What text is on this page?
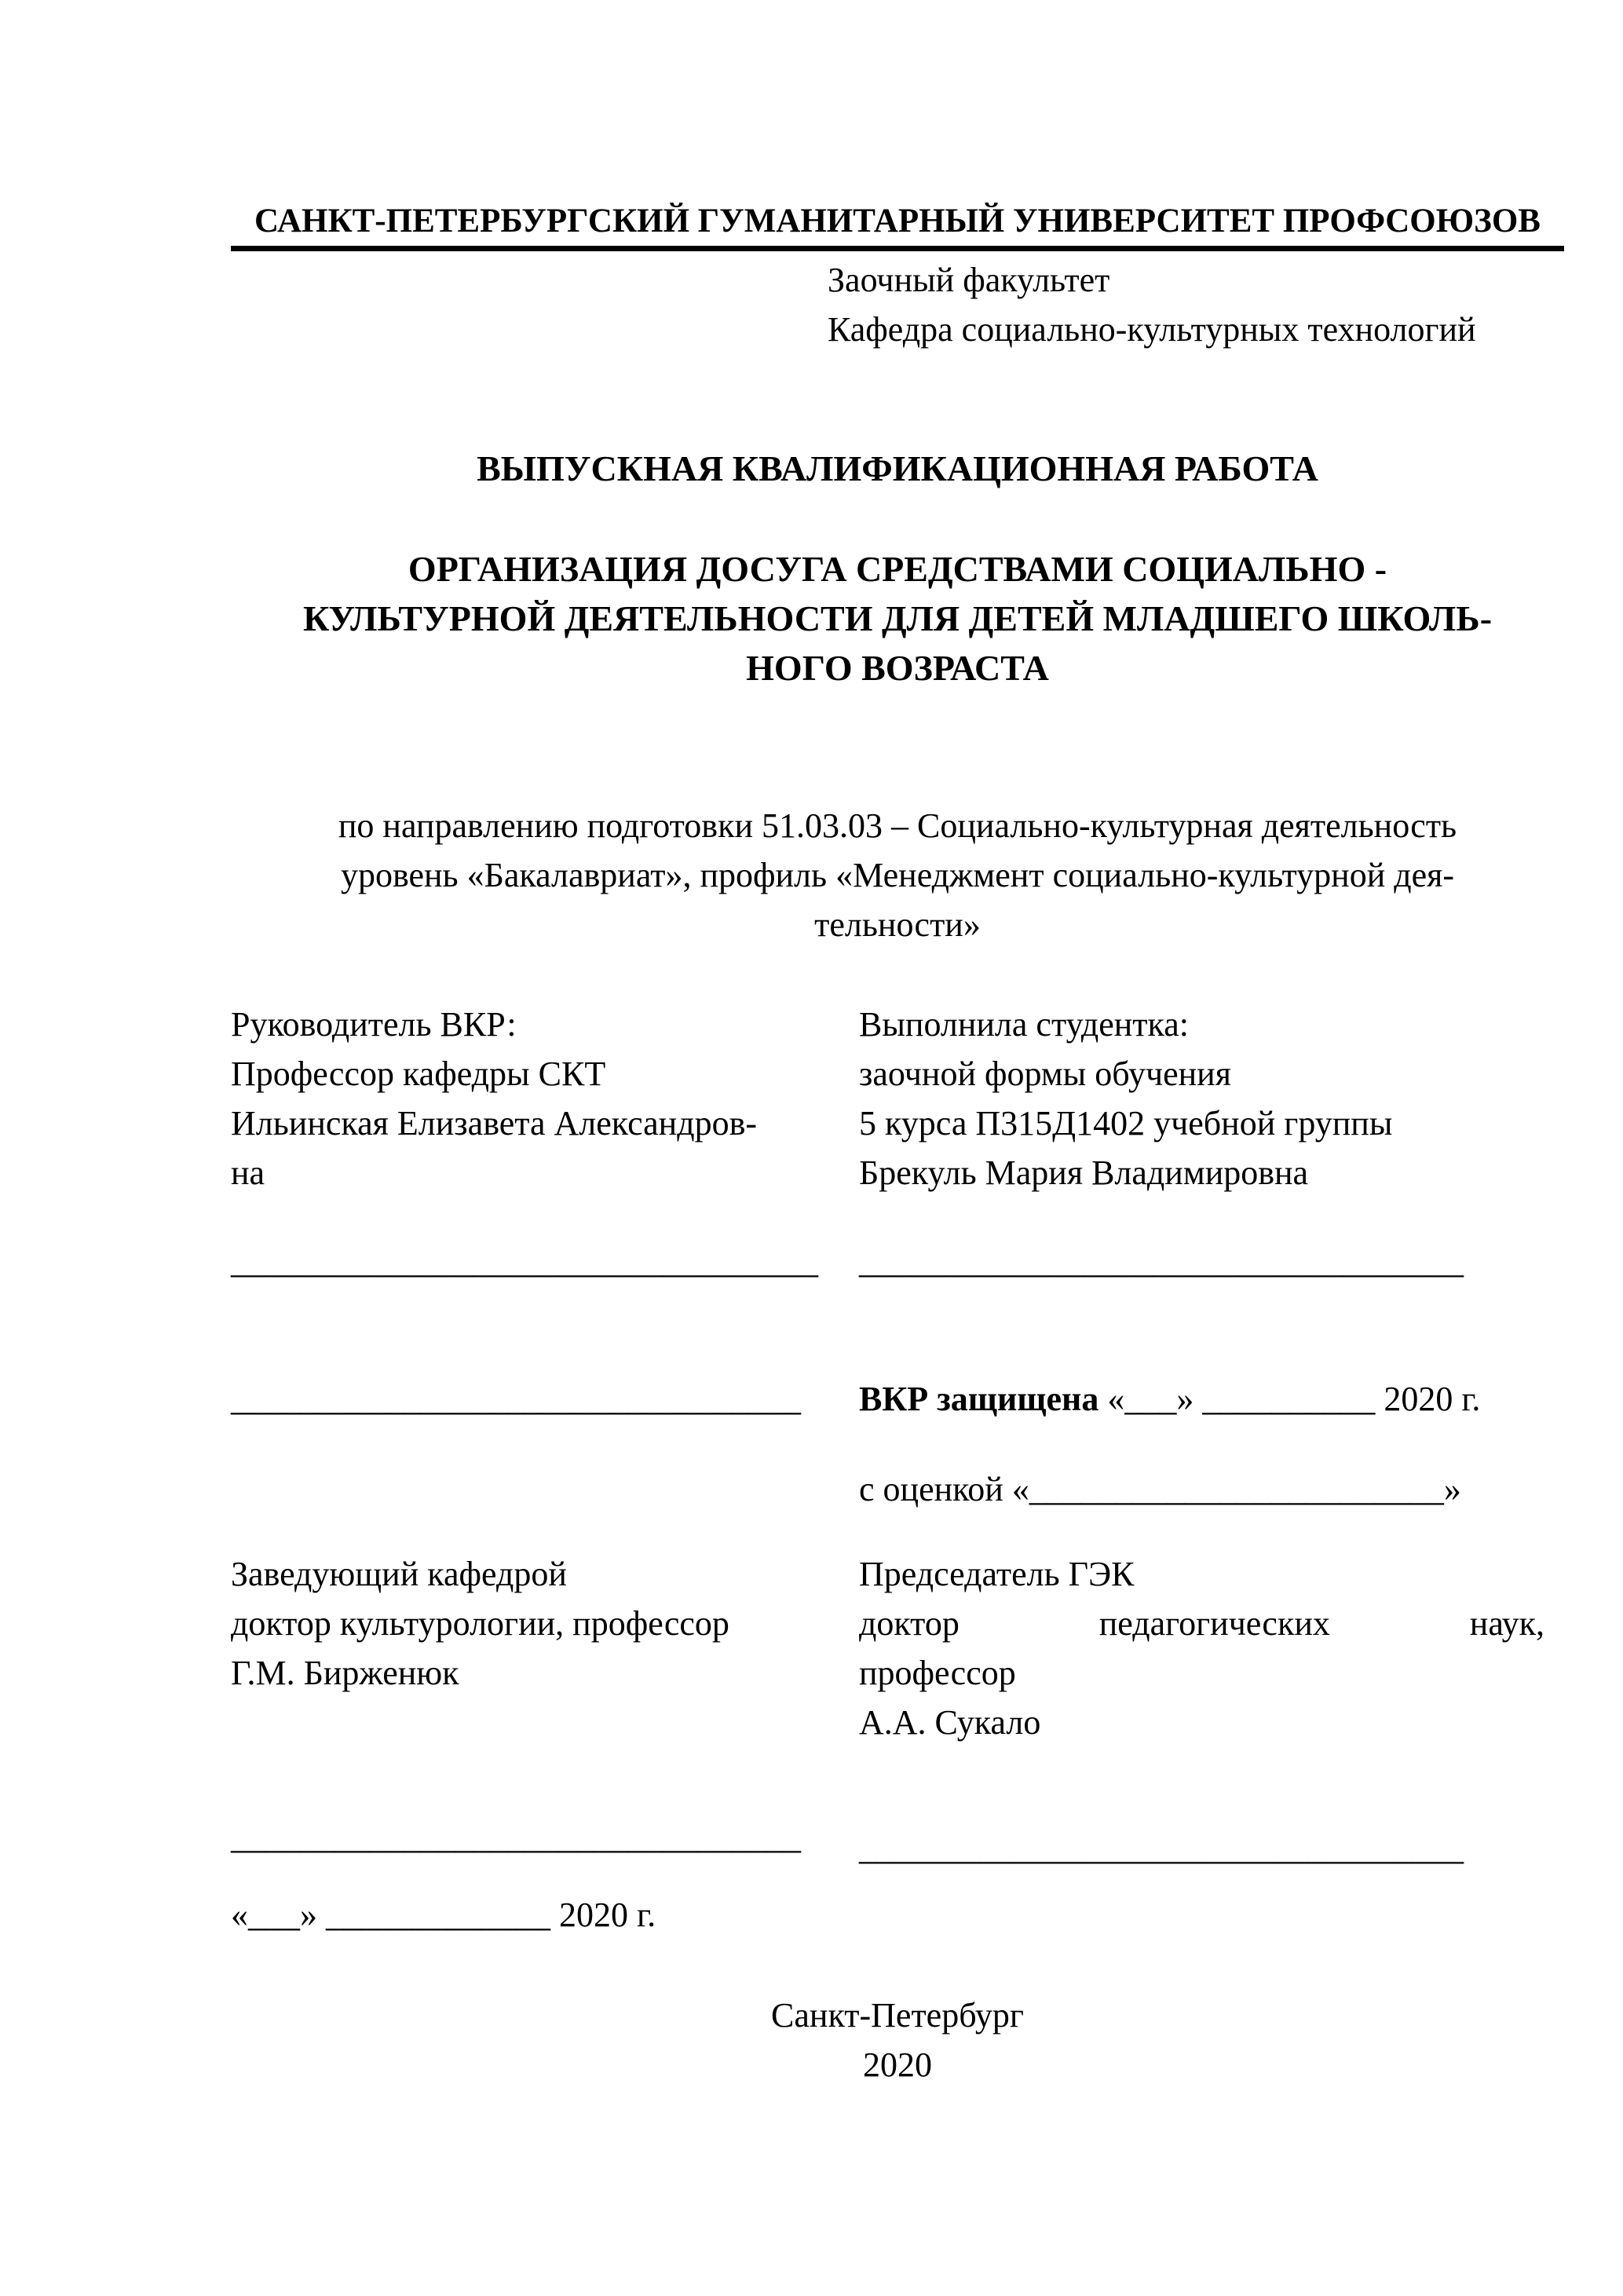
САНКТ-ПЕТЕРБУРГСКИЙ ГУМАНИТАРНЫЙ УНИВЕРСИТЕТ ПРОФСОЮЗОВ
Заочный факультет
Кафедра социально-культурных технологий
ВЫПУСКНАЯ КВАЛИФИКАЦИОННАЯ РАБОТА
ОРГАНИЗАЦИЯ ДОСУГА СРЕДСТВАМИ СОЦИАЛЬНО -
КУЛЬТУРНОЙ ДЕЯТЕЛЬНОСТИ ДЛЯ ДЕТЕЙ МЛАДШЕГО ШКОЛЬ-
НОГО ВОЗРАСТА
по направлению подготовки 51.03.03 – Социально-культурная деятельность
уровень «Бакалавриат», профиль «Менеджмент социально-культурной дея-
тельности»
Руководитель ВКР:
Профессор кафедры СКТ
Ильинская Елизавета Александров-
на
Выполнила студентка:
заочной формы обучения
5 курса П315Д1402 учебной группы
Брекуль Мария Владимировна
__________________________________	___________________________________
_________________________________	ВКР защищена «___» __________ 2020 г.
с оценкой «________________________»
Заведующий кафедрой
доктор культурологии, профессор
Г.М. Бирженюк
Председатель ГЭК
доктор	педагогических	наук,
профессор
А.А. Сукало
_________________________________	___________________________________
«___» _____________ 2020 г.
Санкт-Петербург
2020
